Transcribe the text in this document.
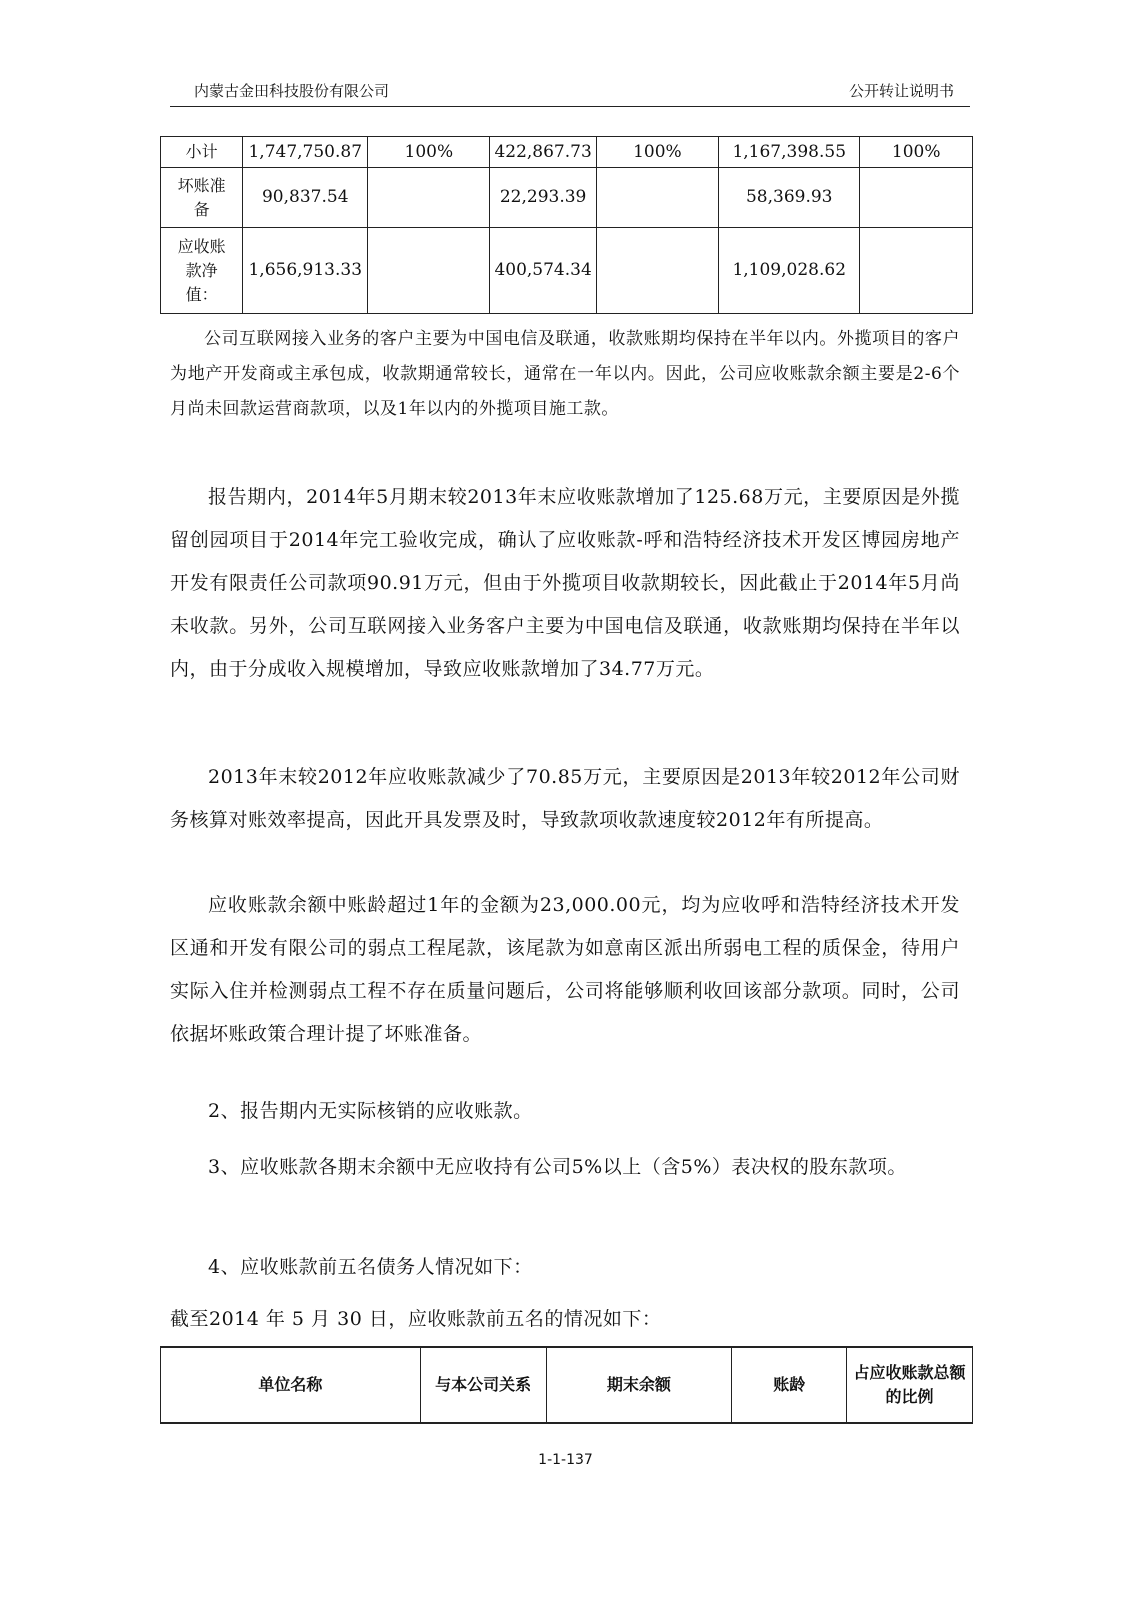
内蒙古金田科技股份有限公司	公开转让说明书
小计	1,747,750.87	100%	422,867.73	100%	1,167,398.55	100%
坏账准备	90,837.54		22,293.39		58,369.93	
应收账款净值：	1,656,913.33		400,574.34		1,109,028.62	

公司互联网接入业务的客户主要为中国电信及联通，收款账期均保持在半年以内。外揽项目的客户为地产开发商或主承包成，收款期通常较长，通常在一年以内。因此，公司应收账款余额主要是2-6个月尚未回款运营商款项，以及1年以内的外揽项目施工款。

报告期内，2014年5月期末较2013年末应收账款增加了125.68万元，主要原因是外揽留创园项目于2014年完工验收完成，确认了应收账款-呼和浩特经济技术开发区博园房地产开发有限责任公司款项90.91万元，但由于外揽项目收款期较长，因此截止于2014年5月尚未收款。另外，公司互联网接入业务客户主要为中国电信及联通，收款账期均保持在半年以内，由于分成收入规模增加，导致应收账款增加了34.77万元。

2013年末较2012年应收账款减少了70.85万元，主要原因是2013年较2012年公司财务核算对账效率提高，因此开具发票及时，导致款项收款速度较2012年有所提高。

应收账款余额中账龄超过1年的金额为23,000.00元，均为应收呼和浩特经济技术开发区通和开发有限公司的弱点工程尾款，该尾款为如意南区派出所弱电工程的质保金，待用户实际入住并检测弱点工程不存在质量问题后，公司将能够顺利收回该部分款项。同时，公司依据坏账政策合理计提了坏账准备。

2、报告期内无实际核销的应收账款。

3、应收账款各期末余额中无应收持有公司5%以上（含5%）表决权的股东款项。

4、应收账款前五名债务人情况如下：

截至2014 年 5 月 30 日，应收账款前五名的情况如下：

单位名称	与本公司关系	期末余额	账龄	占应收账款总额的比例
1-1-137
